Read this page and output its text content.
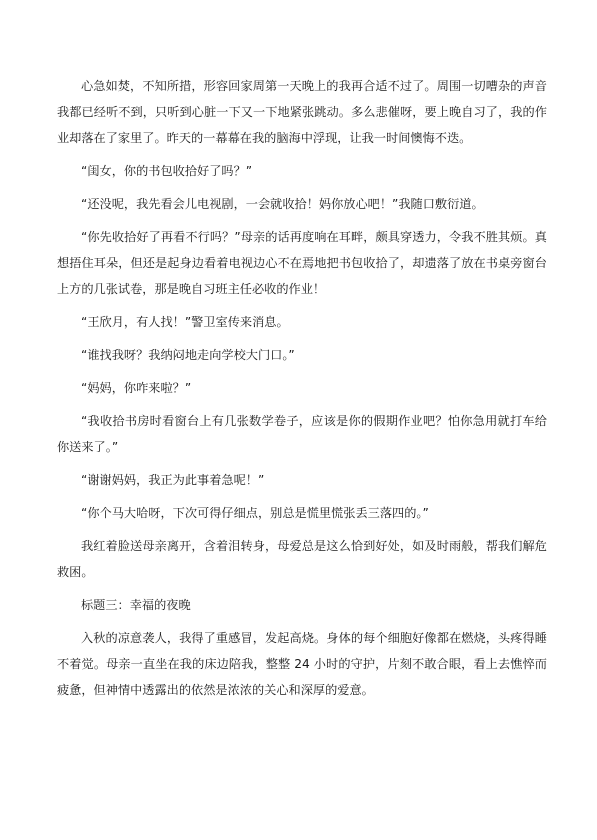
心急如焚，不知所措，形容回家周第一天晚上的我再合适不过了。周围一切嘈杂的声音我都已经听不到，只听到心脏一下又一下地紧张跳动。多么悲催呀，要上晚自习了，我的作业却落在了家里了。昨天的一幕幕在我的脑海中浮现，让我一时间懊悔不迭。

“闺女，你的书包收拾好了吗？”

“还没呢，我先看会儿电视剧，一会就收拾！妈你放心吧！”我随口敷衍道。

“你先收拾好了再看不行吗？”母亲的话再度响在耳畔，颇具穿透力，令我不胜其烦。真想捂住耳朵，但还是起身边看着电视边心不在焉地把书包收拾了，却遗落了放在书桌旁窗台上方的几张试卷，那是晚自习班主任必收的作业！

“王欣月，有人找！”警卫室传来消息。

“谁找我呀？我纳闷地走向学校大门口。”

“妈妈，你咋来啦？”

“我收拾书房时看窗台上有几张数学卷子，应该是你的假期作业吧？怕你急用就打车给你送来了。”

“谢谢妈妈，我正为此事着急呢！”

“你个马大哈呀，下次可得仔细点，别总是慌里慌张丢三落四的。”

我红着脸送母亲离开，含着泪转身，母爱总是这么恰到好处，如及时雨般，帮我们解危救困。

标题三：幸福的夜晚

入秋的凉意袭人，我得了重感冒，发起高烧。身体的每个细胞好像都在燃烧，头疼得睡不着觉。母亲一直坐在我的床边陪我，整整 24 小时的守护，片刻不敢合眼，看上去憔悴而疲惫，但神情中透露出的依然是浓浓的关心和深厚的爱意。
